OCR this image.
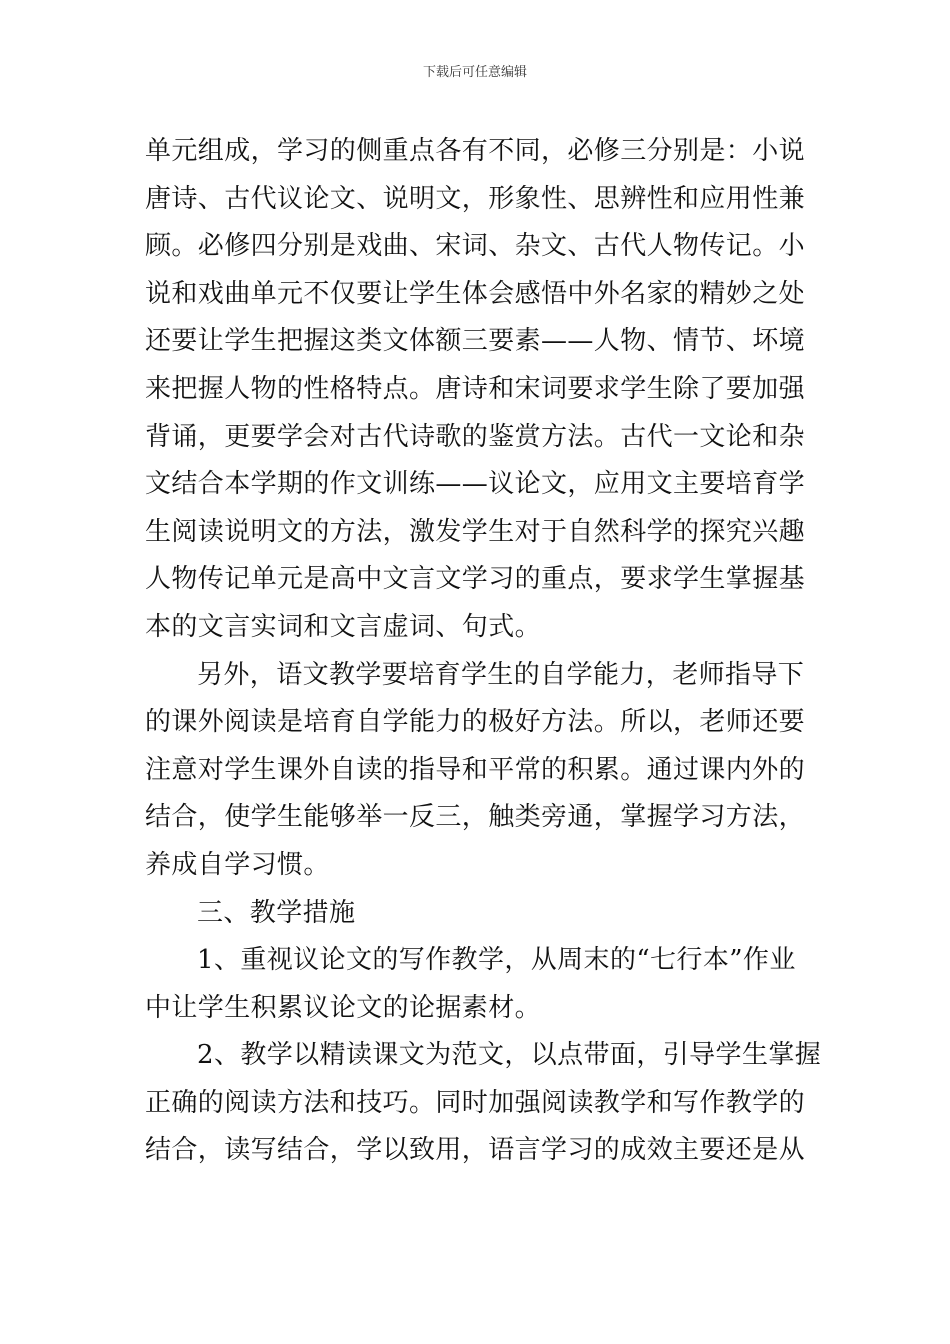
下载后可任意编辑
单元组成，学习的侧重点各有不同，必修三分别是：小说
唐诗、古代议论文、说明文，形象性、思辨性和应用性兼
顾。必修四分别是戏曲、宋词、杂文、古代人物传记。小
说和戏曲单元不仅要让学生体会感悟中外名家的精妙之处
还要让学生把握这类文体额三要素——人物、情节、坏境
来把握人物的性格特点。唐诗和宋词要求学生除了要加强
背诵，更要学会对古代诗歌的鉴赏方法。古代一文论和杂
文结合本学期的作文训练——议论文，应用文主要培育学
生阅读说明文的方法，激发学生对于自然科学的探究兴趣
人物传记单元是高中文言文学习的重点，要求学生掌握基
本的文言实词和文言虚词、句式。
另外，语文教学要培育学生的自学能力，老师指导下
的课外阅读是培育自学能力的极好方法。所以，老师还要
注意对学生课外自读的指导和平常的积累。通过课内外的
结合，使学生能够举一反三，触类旁通，掌握学习方法，
养成自学习惯。
三、教学措施
1、重视议论文的写作教学，从周末的“七行本”作业
中让学生积累议论文的论据素材。
2、教学以精读课文为范文，以点带面，引导学生掌握
正确的阅读方法和技巧。同时加强阅读教学和写作教学的
结合，读写结合，学以致用，语言学习的成效主要还是从
